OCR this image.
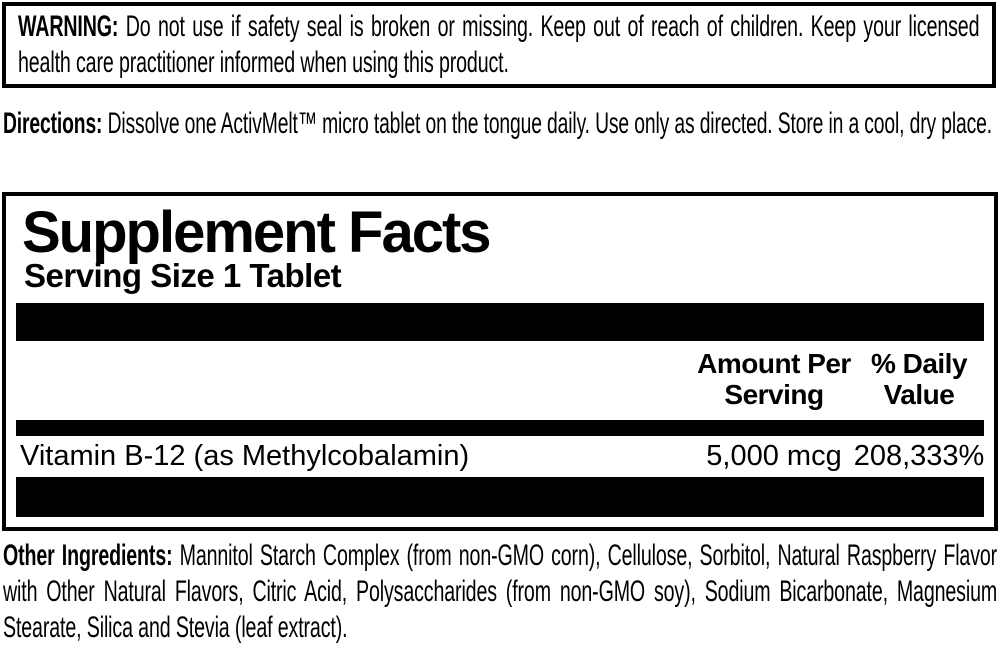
WARNING: Do not use if safety seal is broken or missing. Keep out of reach of children. Keep your licensed health care practitioner informed when using this product.
Directions: Dissolve one ActivMelt™ micro tablet on the tongue daily. Use only as directed. Store in a cool, dry place.
Supplement Facts
Serving Size 1 Tablet
Amount Per Serving
% Daily Value
Vitamin B-12 (as Methylcobalamin)	5,000 mcg 208,333%
Other Ingredients: Mannitol Starch Complex (from non-GMO corn), Cellulose, Sorbitol, Natural Raspberry Flavor with Other Natural Flavors, Citric Acid, Polysaccharides (from non-GMO soy), Sodium Bicarbonate, Magnesium Stearate, Silica and Stevia (leaf extract).
